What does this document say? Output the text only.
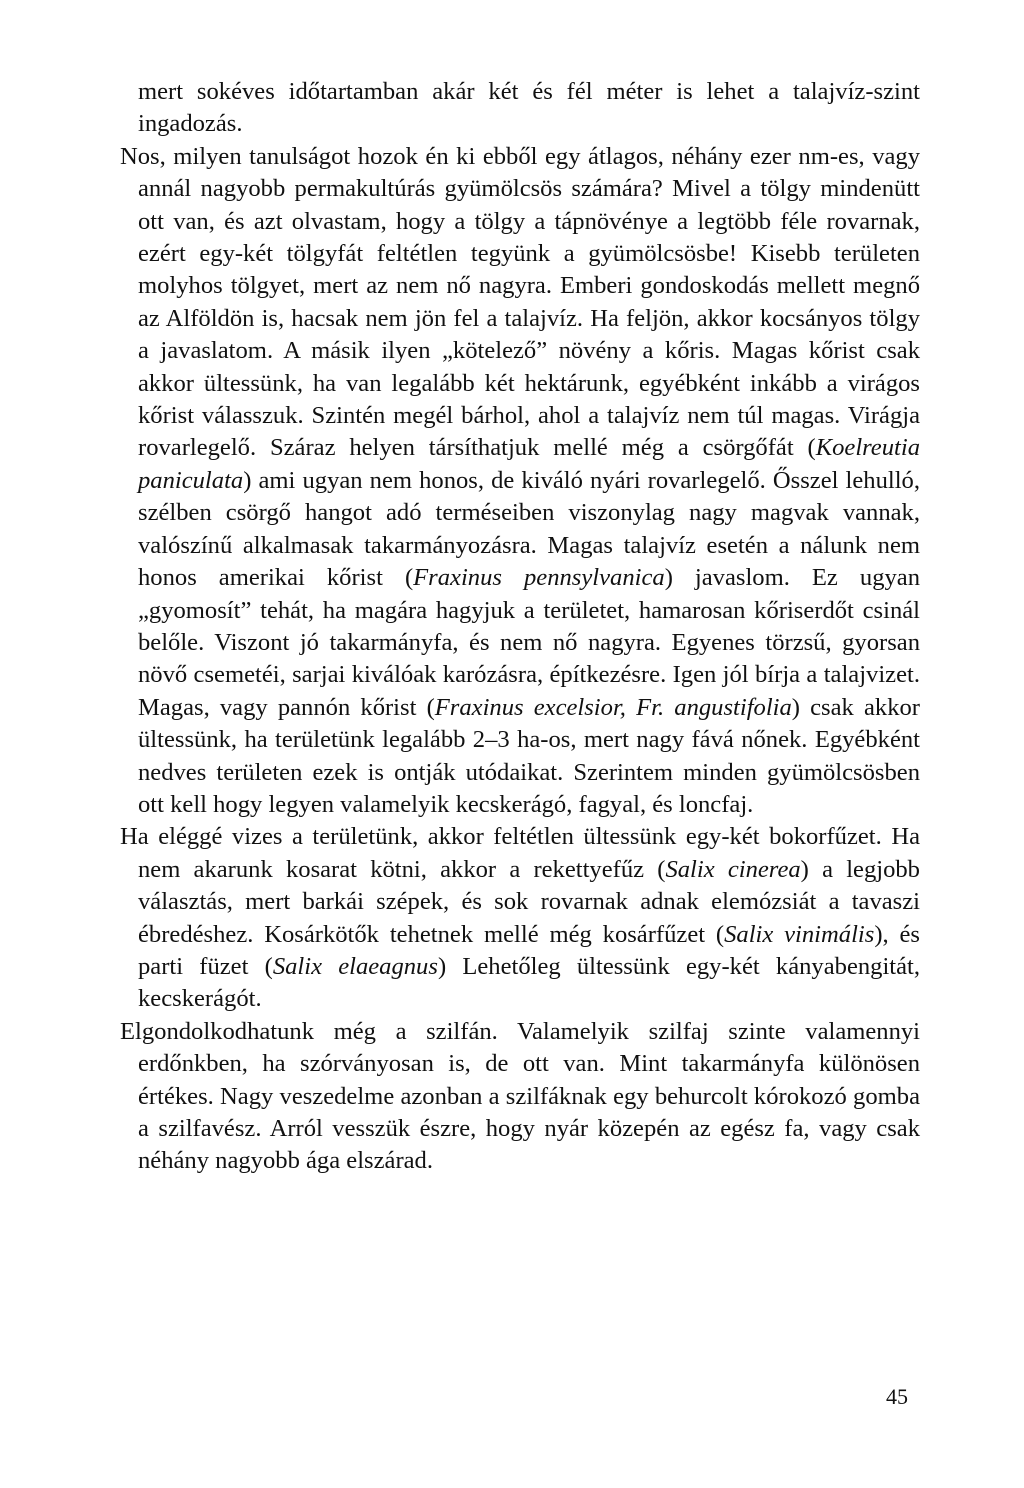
mert sokéves időtartamban akár két és fél méter is lehet a talajvíz-szint ingadozás.

Nos, milyen tanulságot hozok én ki ebből egy átlagos, néhány ezer nm-es, vagy annál nagyobb permakultúrás gyümölcsös számára? Mivel a tölgy mindenütt ott van, és azt olvastam, hogy a tölgy a tápnövénye a legtöbb féle rovarnak, ezért egy-két tölgyfát feltétlen tegyünk a gyümölcsösbe! Kisebb területen molyhos tölgyet, mert az nem nő nagyra. Emberi gondoskodás mellett megnő az Alföldön is, hacsak nem jön fel a talajvíz. Ha feljön, akkor kocsányos tölgy a javaslatom. A másik ilyen „kötelező” növény a kőris. Magas kőrist csak akkor ültessünk, ha van legalább két hektárunk, egyébként inkább a virágos kőrist válasszuk. Szintén megél bárhol, ahol a talajvíz nem túl magas. Virágja rovarlegelő. Száraz helyen társíthatjuk mellé még a csörgőfát (Koelreutia paniculata) ami ugyan nem honos, de kiváló nyári rovarlegelő. Ősszel lehulló, szélben csörgő hangot adó terméseiben viszonylag nagy magvak vannak, valószínű alkalmasak takarmányozásra. Magas talajvíz esetén a nálunk nem honos amerikai kőrist (Fraxinus pennsylvanica) javaslom. Ez ugyan „gyomosít” tehát, ha magára hagyjuk a területet, hamarosan kőriserdőt csinál belőle. Viszont jó takarmányfa, és nem nő nagyra. Egyenes törzsű, gyorsan növő csemetéi, sarjai kiválóak karózásra, építkezésre. Igen jól bírja a talajvizet. Magas, vagy pannón kőrist (Fraxinus excelsior, Fr. angustifolia) csak akkor ültessünk, ha területünk legalább 2–3 ha-os, mert nagy fává nőnek. Egyébként nedves területen ezek is ontják utódaikat. Szerintem minden gyümölcsösben ott kell hogy legyen valamelyik kecskerágó, fagyal, és loncfaj.

Ha eléggé vizes a területünk, akkor feltétlen ültessünk egy-két bokorfűzet. Ha nem akarunk kosarat kötni, akkor a rekettyefűz (Salix cinerea) a legjobb választás, mert barkái szépek, és sok rovarnak adnak elemózsiát a tavaszi ébredéshez. Kosárkötők tehetnek mellé még kosárfűzet (Salix vinimális), és parti füzet (Salix elaeagnus) Lehetőleg ültessünk egy-két kányabengitát, kecskerágót.

Elgondolkodhatunk még a szilfán. Valamelyik szilfaj szinte valamennyi erdőnkben, ha szórványosan is, de ott van. Mint takarmányfa különösen értékes. Nagy veszedelme azonban a szilfáknak egy behurcolt kórokozó gomba a szilfavész. Arról vesszük észre, hogy nyár közepén az egész fa, vagy csak néhány nagyobb ága elszárad.

45
